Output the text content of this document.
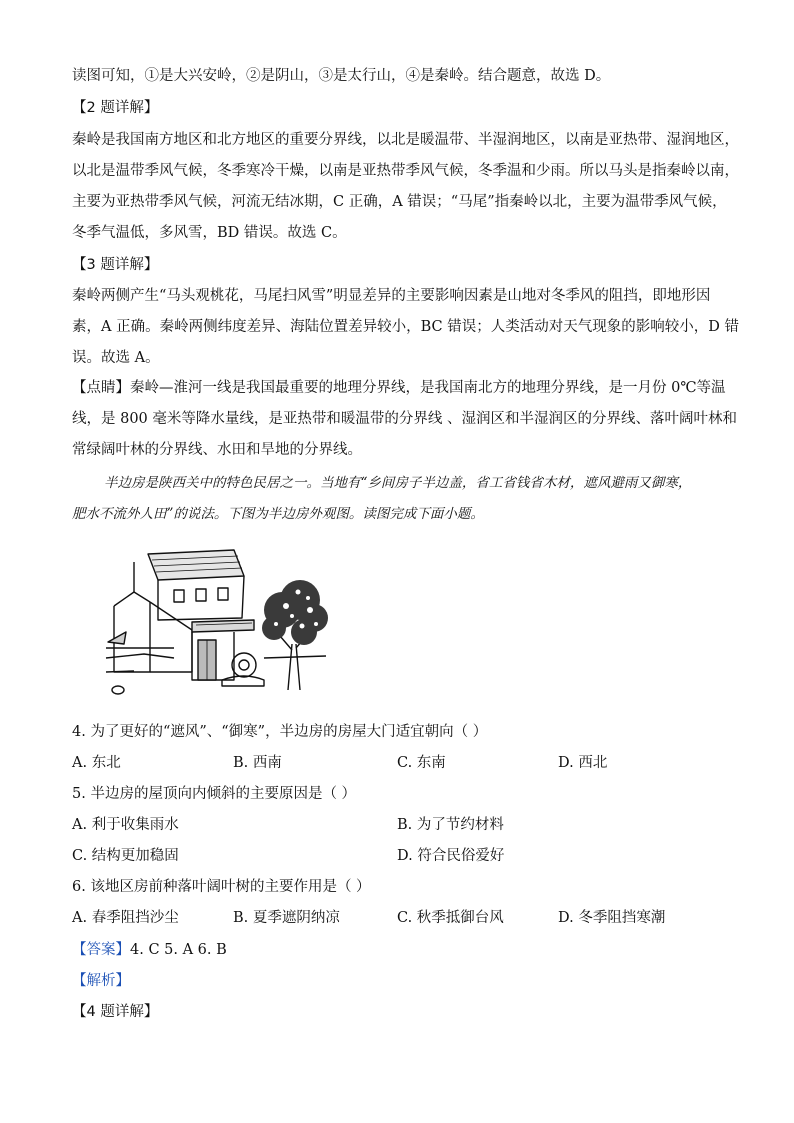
读图可知，①是大兴安岭，②是阴山，③是太行山，④是秦岭。结合题意，故选 D。
【2 题详解】
秦岭是我国南方地区和北方地区的重要分界线，以北是暖温带、半湿润地区，以南是亚热带、湿润地区，
以北是温带季风气候，冬季寒冷干燥，以南是亚热带季风气候，冬季温和少雨。所以马头是指秦岭以南，
主要为亚热带季风气候，河流无结冰期，C 正确，A 错误；“马尾”指秦岭以北，主要为温带季风气候，
冬季气温低，多风雪，BD 错误。故选 C。
【3 题详解】
秦岭两侧产生“马头观桃花，马尾扫风雪”明显差异的主要影响因素是山地对冬季风的阻挡，即地形因
素，A 正确。秦岭两侧纬度差异、海陆位置差异较小，BC 错误；人类活动对天气现象的影响较小，D 错
误。故选 A。
【点睛】秦岭—淮河一线是我国最重要的地理分界线，是我国南北方的地理分界线，是一月份 0℃等温
线，是 800 毫米等降水量线，是亚热带和暖温带的分界线 、湿润区和半湿润区的分界线、落叶阔叶林和
常绿阔叶林的分界线、水田和旱地的分界线。
半边房是陕西关中的特色民居之一。当地有“乡间房子半边盖，省工省钱省木材，遮风避雨又御寒，
肥水不流外人田”的说法。下图为半边房外观图。读图完成下面小题。
4. 为了更好的“遮风”、“御寒”，半边房的房屋大门适宜朝向（ ）
A. 东北	B. 西南	C. 东南	D. 西北
5. 半边房的屋顶向内倾斜的主要原因是（ ）
A. 利于收集雨水	B. 为了节约材料
C. 结构更加稳固	D. 符合民俗爱好
6. 该地区房前种落叶阔叶树的主要作用是（ ）
A. 春季阻挡沙尘	B. 夏季遮阴纳凉	C. 秋季抵御台风	D. 冬季阻挡寒潮
【答案】4. C 5. A 6. B
【解析】
【4 题详解】
